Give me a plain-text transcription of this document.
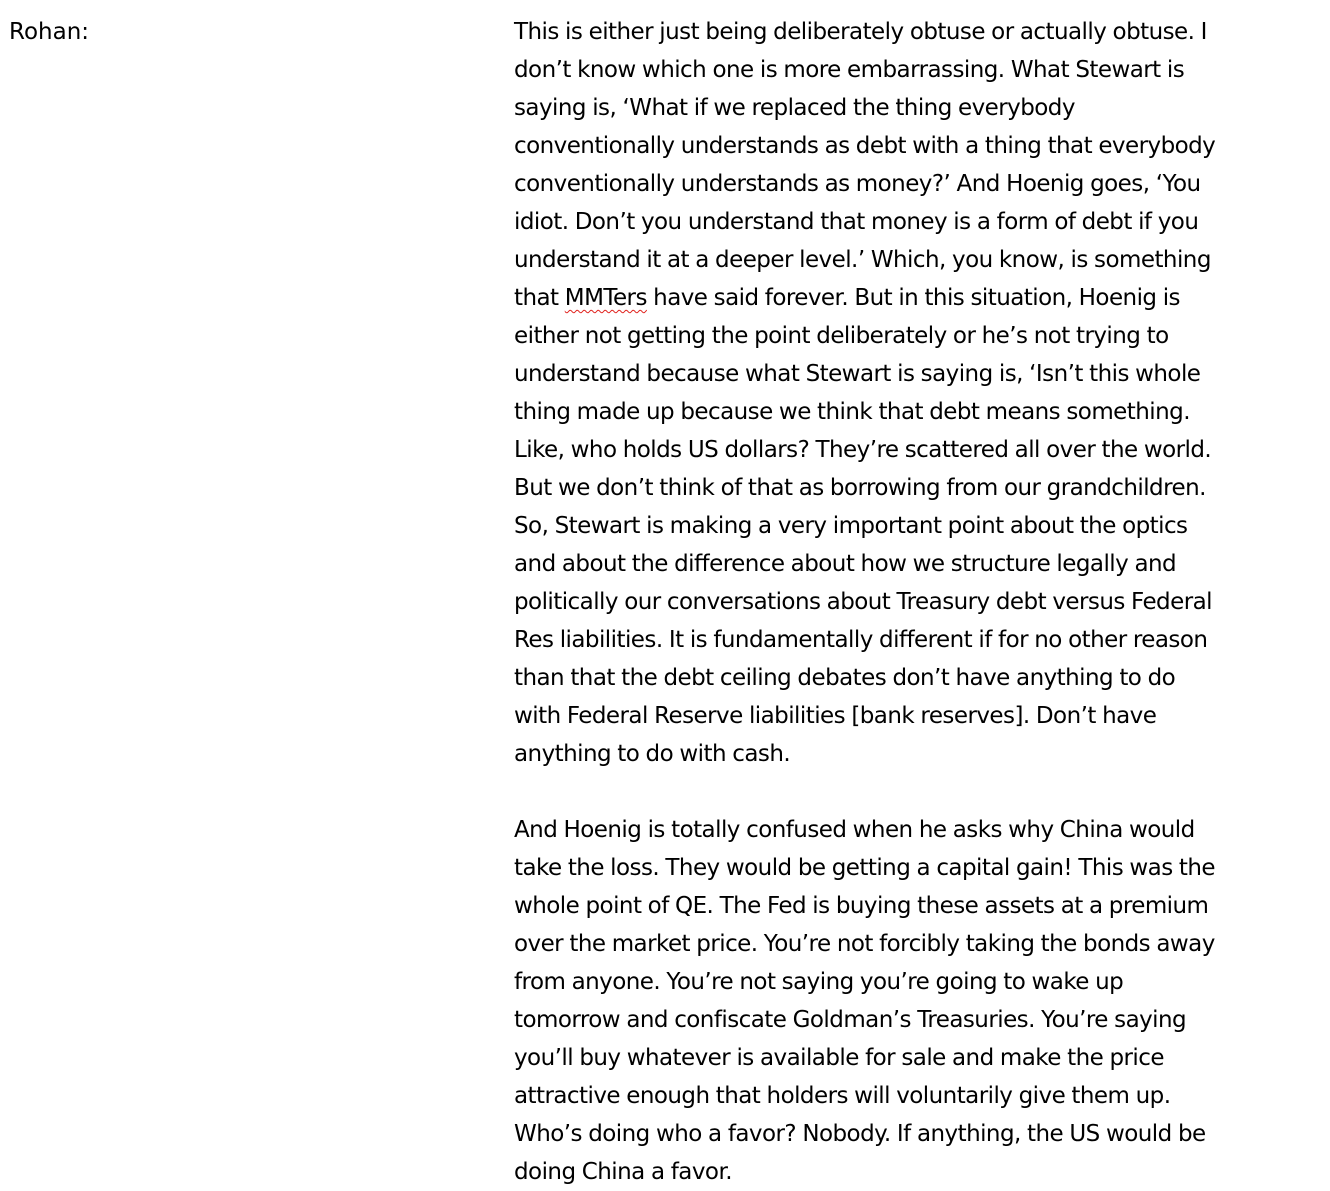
Rohan:	This is either just being deliberately obtuse or actually obtuse. I
don’t know which one is more embarrassing. What Stewart is
saying is, ‘What if we replaced the thing everybody
conventionally understands as debt with a thing that everybody
conventionally understands as money?’ And Hoenig goes, ‘You
idiot. Don’t you understand that money is a form of debt if you
understand it at a deeper level.’ Which, you know, is something
that MMTers have said forever. But in this situation, Hoenig is
either not getting the point deliberately or he’s not trying to
understand because what Stewart is saying is, ‘Isn’t this whole
thing made up because we think that debt means something.
Like, who holds US dollars? They’re scattered all over the world.
But we don’t think of that as borrowing from our grandchildren.
So, Stewart is making a very important point about the optics
and about the difference about how we structure legally and
politically our conversations about Treasury debt versus Federal
Res liabilities. It is fundamentally different if for no other reason
than that the debt ceiling debates don’t have anything to do
with Federal Reserve liabilities [bank reserves]. Don’t have
anything to do with cash.
And Hoenig is totally confused when he asks why China would
take the loss. They would be getting a capital gain! This was the
whole point of QE. The Fed is buying these assets at a premium
over the market price. You’re not forcibly taking the bonds away
from anyone. You’re not saying you’re going to wake up
tomorrow and confiscate Goldman’s Treasuries. You’re saying
you’ll buy whatever is available for sale and make the price
attractive enough that holders will voluntarily give them up.
Who’s doing who a favor? Nobody. If anything, the US would be
doing China a favor.
